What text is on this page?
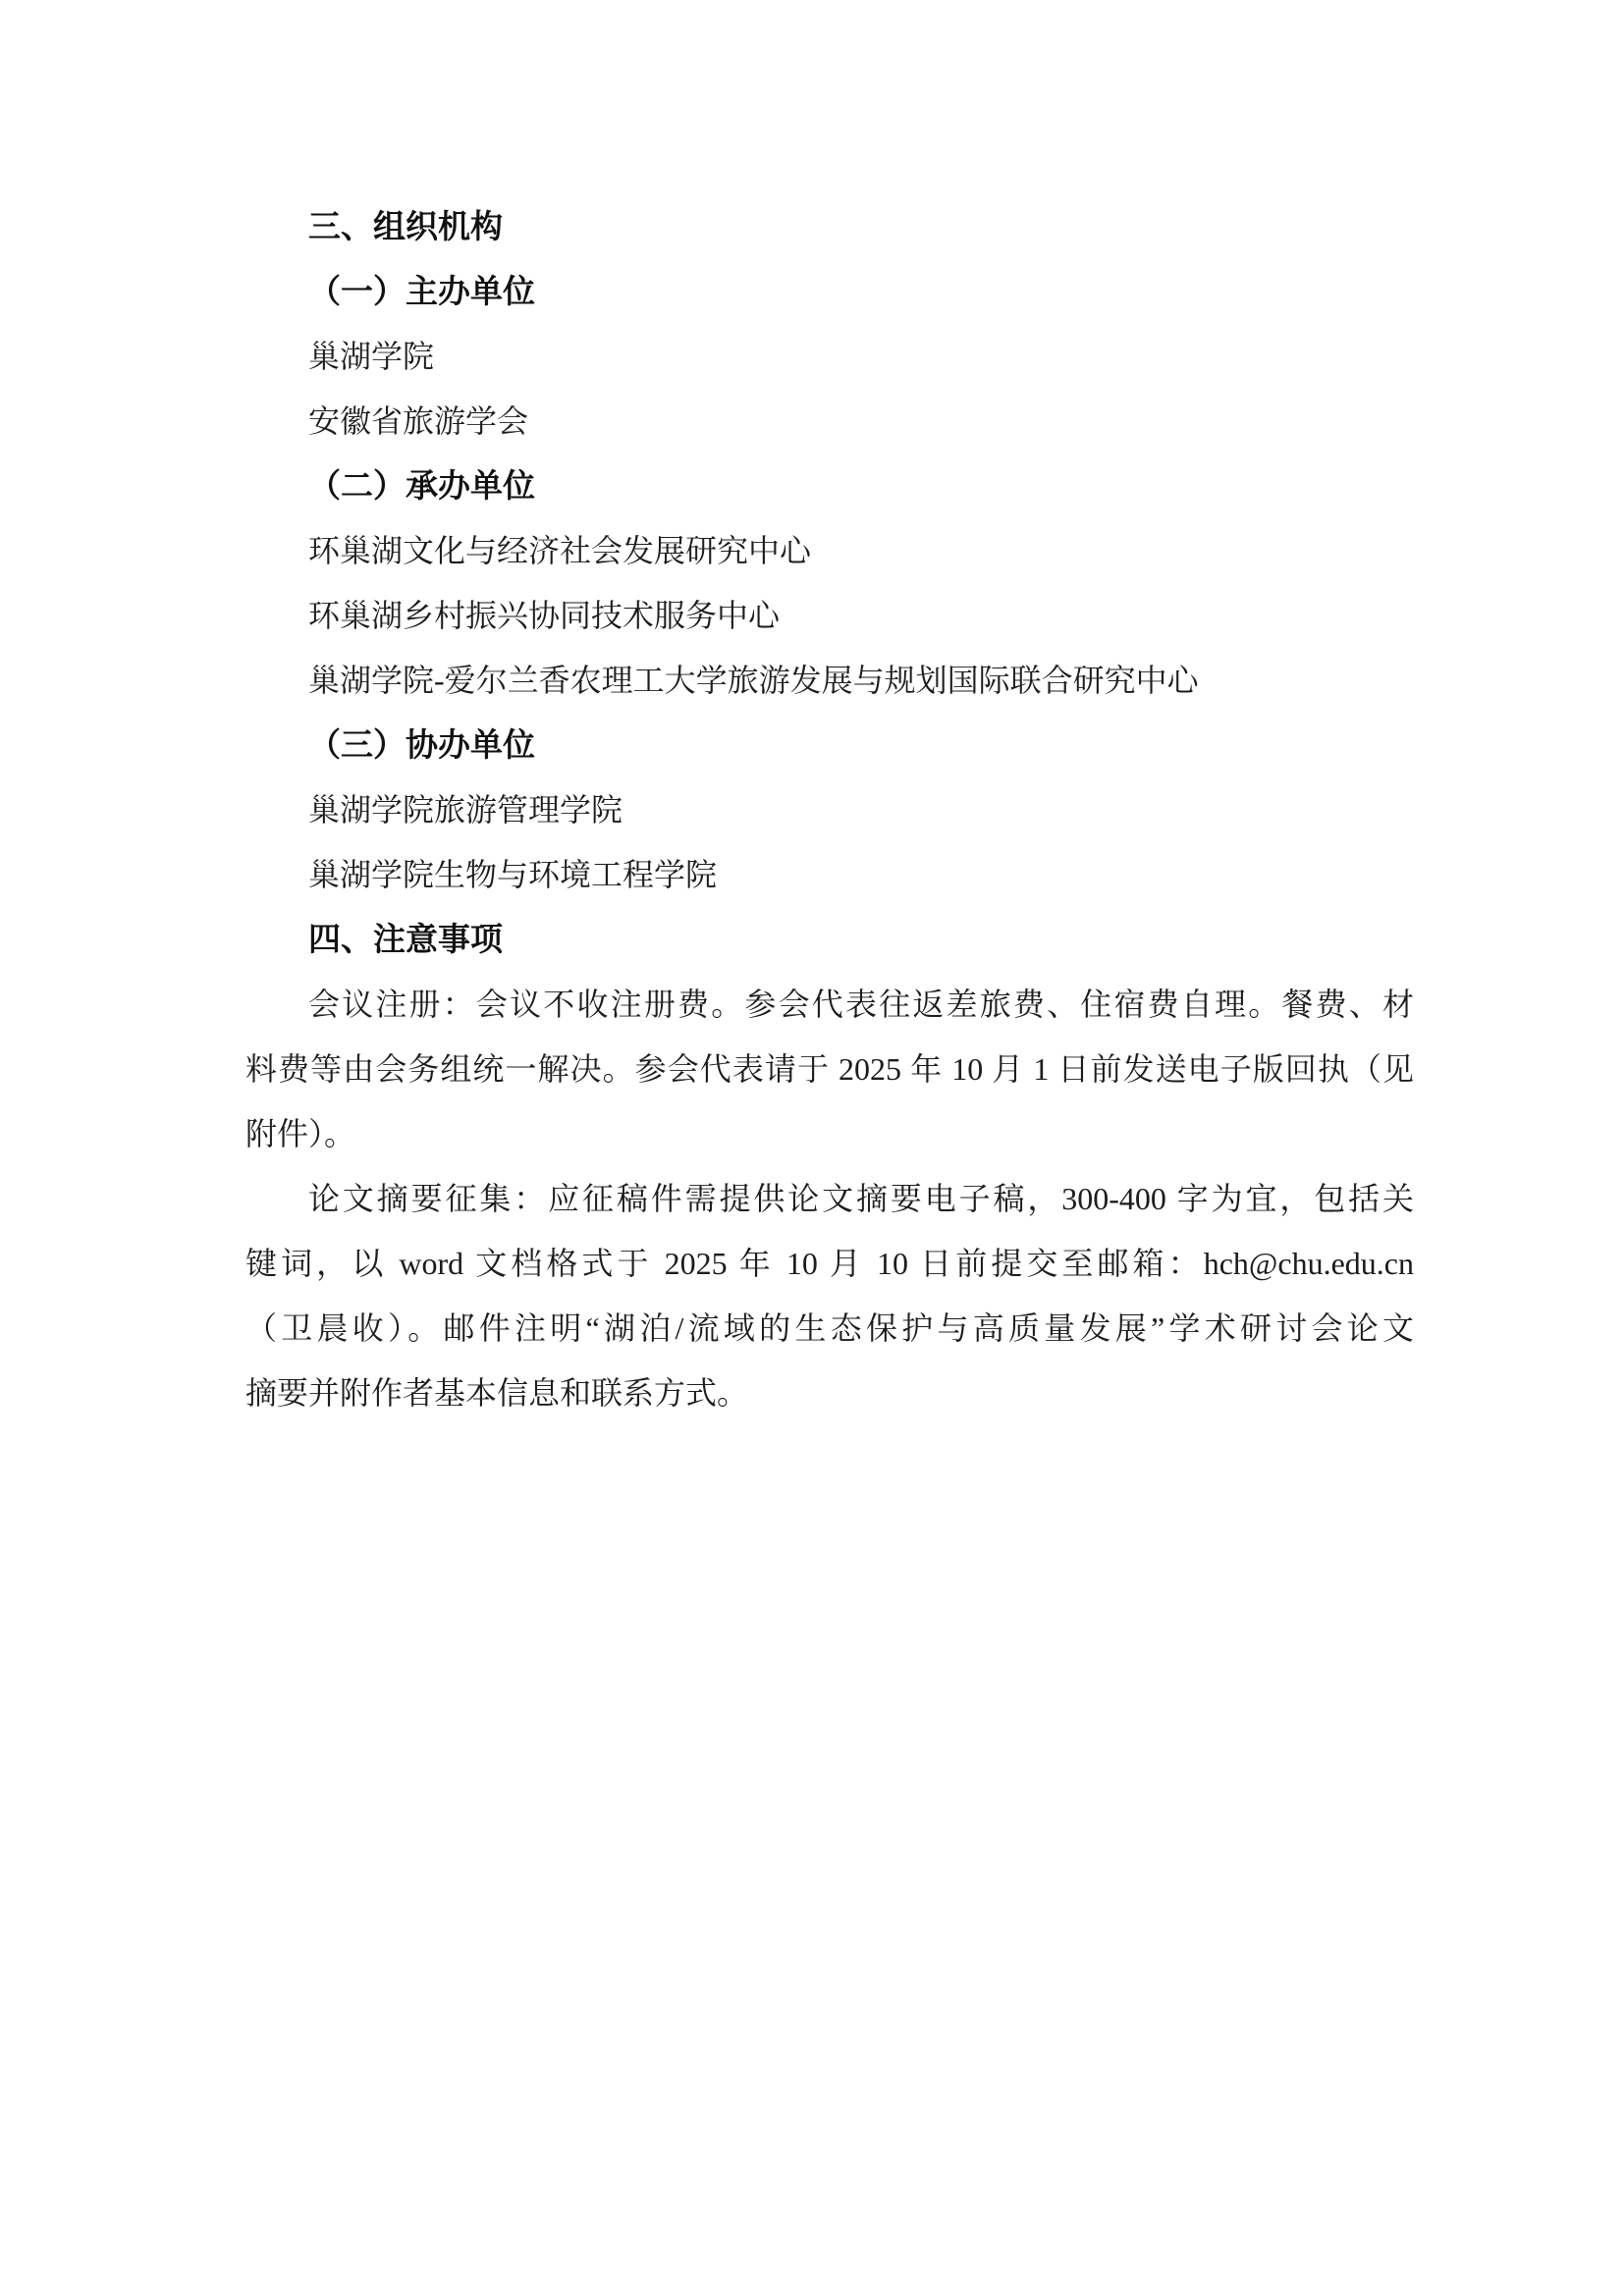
三、组织机构
（一）主办单位
巢湖学院
安徽省旅游学会
（二）承办单位
环巢湖文化与经济社会发展研究中心
环巢湖乡村振兴协同技术服务中心
巢湖学院-爱尔兰香农理工大学旅游发展与规划国际联合研究中心
（三）协办单位
巢湖学院旅游管理学院
巢湖学院生物与环境工程学院
四、注意事项
会议注册：会议不收注册费。参会代表往返差旅费、住宿费自理。餐费、材
料费等由会务组统一解决。参会代表请于 2025 年 10 月 1 日前发送电子版回执（见
附件）。
论文摘要征集：应征稿件需提供论文摘要电子稿，300-400 字为宜，包括关
键词，以 word 文档格式于 2025 年 10 月 10 日前提交至邮箱：hch@chu.edu.cn
（卫晨收）。邮件注明“湖泊/流域的生态保护与高质量发展”学术研讨会论文
摘要并附作者基本信息和联系方式。
